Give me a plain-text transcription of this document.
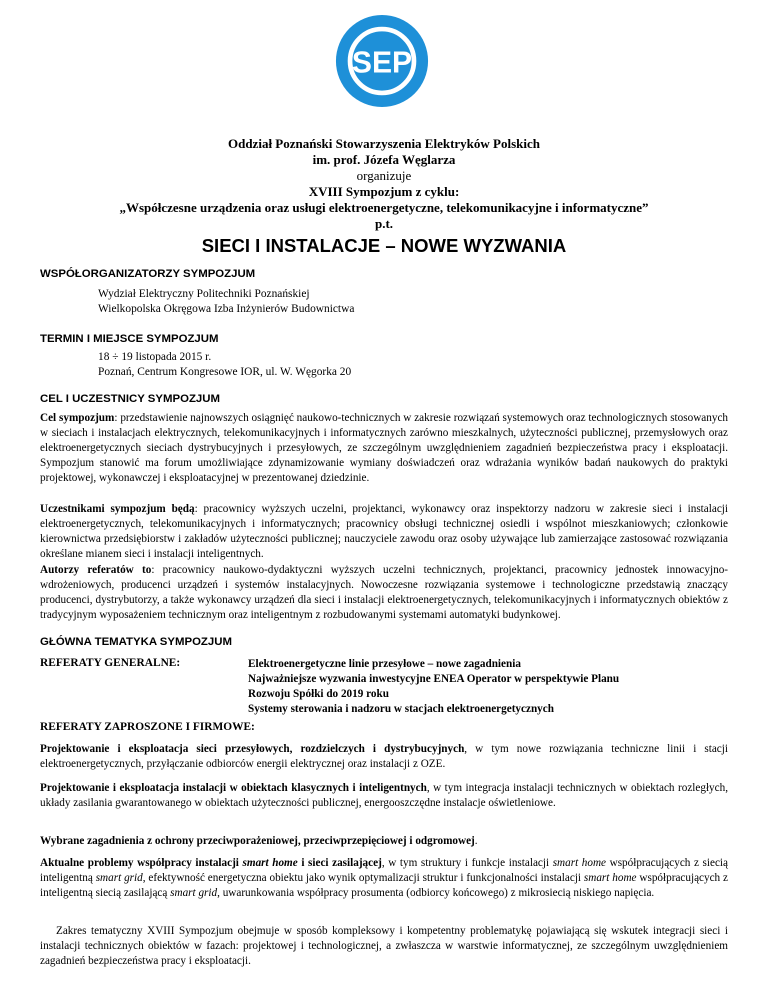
SEP
Oddział Poznański Stowarzyszenia Elektryków Polskich
im. prof. Józefa Węglarza
organizuje
XVIII Sympozjum z cyklu:
„Współczesne urządzenia oraz usługi elektroenergetyczne, telekomunikacyjne i informatyczne”
p.t.
SIECI I INSTALACJE – NOWE WYZWANIA
WSPÓŁORGANIZATORZY SYMPOZJUM
Wydział Elektryczny Politechniki Poznańskiej
Wielkopolska Okręgowa Izba Inżynierów Budownictwa
TERMIN I MIEJSCE SYMPOZJUM
18 ÷ 19 listopada 2015 r.
Poznań, Centrum Kongresowe IOR, ul. W. Węgorka 20
CEL I UCZESTNICY SYMPOZJUM
Cel sympozjum: przedstawienie najnowszych osiągnięć naukowo-technicznych w zakresie rozwiązań systemowych oraz technologicznych stosowanych w sieciach i instalacjach elektrycznych, telekomunikacyjnych i informatycznych zarówno mieszkalnych, użyteczności publicznej, przemysłowych oraz elektroenergetycznych sieciach dystrybucyjnych i przesyłowych, ze szczególnym uwzględnieniem zagadnień bezpieczeństwa pracy i eksploatacji. Sympozjum stanowić ma forum umożliwiające zdynamizowanie wymiany doświadczeń oraz wdrażania wyników badań naukowych do praktyki projektowej, wykonawczej i eksploatacyjnej w prezentowanej dziedzinie.
Uczestnikami sympozjum będą: pracownicy wyższych uczelni, projektanci, wykonawcy oraz inspektorzy nadzoru w zakresie sieci i instalacji elektroenergetycznych, telekomunikacyjnych i informatycznych; pracownicy obsługi technicznej osiedli i wspólnot mieszkaniowych; członkowie kierownictwa przedsiębiorstw i zakładów użyteczności publicznej; nauczyciele zawodu oraz osoby używające lub zamierzające zastosować rozwiązania określane mianem sieci i instalacji inteligentnych.
Autorzy referatów to: pracownicy naukowo-dydaktyczni wyższych uczelni technicznych, projektanci, pracownicy jednostek innowacyjno-wdrożeniowych, producenci urządzeń i systemów instalacyjnych. Nowoczesne rozwiązania systemowe i technologiczne przedstawią znaczący producenci, dystrybutorzy, a także wykonawcy urządzeń dla sieci i instalacji elektroenergetycznych, telekomunikacyjnych i informatycznych obiektów z tradycyjnym wyposażeniem technicznym oraz inteligentnym z rozbudowanymi systemami automatyki budynkowej.
GŁÓWNA TEMATYKA SYMPOZJUM
REFERATY GENERALNE:	Elektroenergetyczne linie przesyłowe – nowe zagadnienia
Najważniejsze wyzwania inwestycyjne ENEA Operator w perspektywie Planu Rozwoju Spółki do 2019 roku
Systemy sterowania i nadzoru w stacjach elektroenergetycznych
REFERATY ZAPROSZONE I FIRMOWE:
Projektowanie i eksploatacja sieci przesyłowych, rozdzielczych i dystrybucyjnych, w tym nowe rozwiązania techniczne linii i stacji elektroenergetycznych, przyłączanie odbiorców energii elektrycznej oraz instalacji z OZE.
Projektowanie i eksploatacja instalacji w obiektach klasycznych i inteligentnych, w tym integracja instalacji technicznych w obiektach rozległych, układy zasilania gwarantowanego w obiektach użyteczności publicznej, energooszczędne instalacje oświetleniowe.
Wybrane zagadnienia z ochrony przeciwporażeniowej, przeciwprzepięciowej i odgromowej.
Aktualne problemy współpracy instalacji smart home i sieci zasilającej, w tym struktury i funkcje instalacji smart home współpracujących z siecią inteligentną smart grid, efektywność energetyczna obiektu jako wynik optymalizacji struktur i funkcjonalności instalacji smart home współpracujących z inteligentną siecią zasilającą smart grid, uwarunkowania współpracy prosumenta (odbiorcy końcowego) z mikrosiecią niskiego napięcia.
Zakres tematyczny XVIII Sympozjum obejmuje w sposób kompleksowy i kompetentny problematykę pojawiającą się wskutek integracji sieci i instalacji technicznych obiektów w fazach: projektowej i technologicznej, a zwłaszcza w warstwie informatycznej, ze szczególnym uwzględnieniem zagadnień bezpieczeństwa pracy i eksploatacji.
